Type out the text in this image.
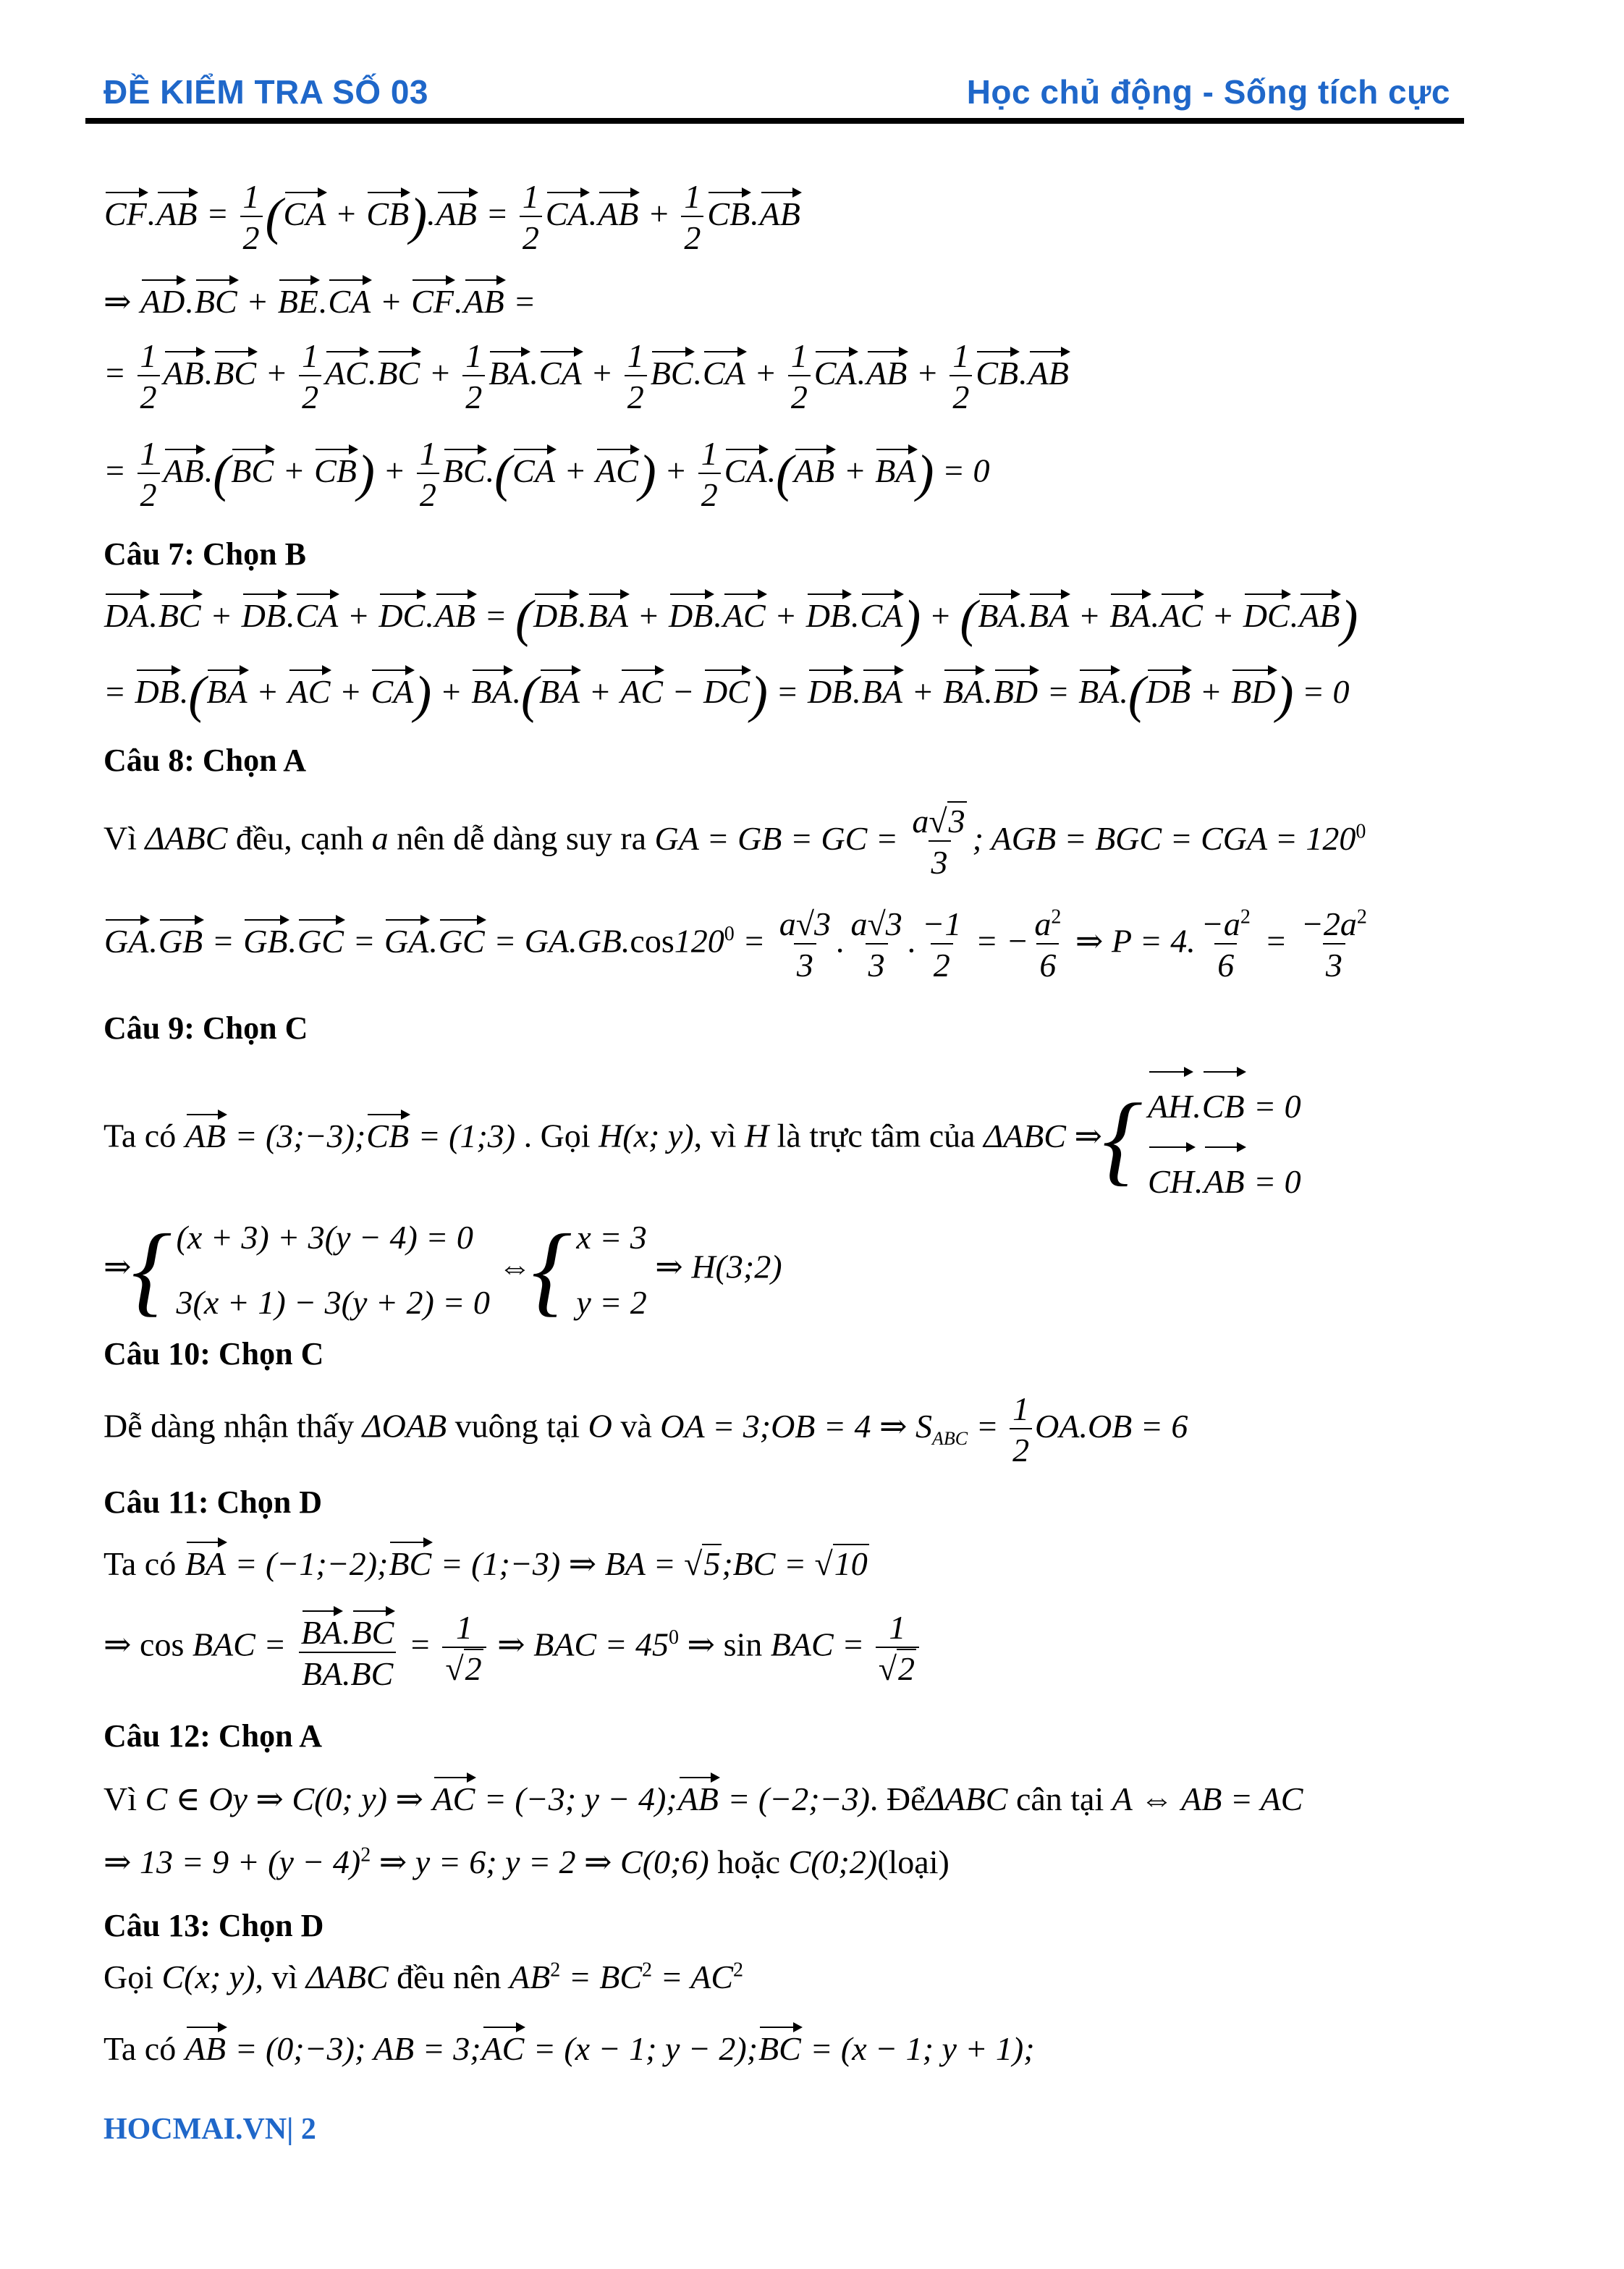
ĐỀ KIỂM TRA SỐ 03	Học chủ động - Sống tích cực
$CF.AB = \frac{1}{2} (CA + CB).AB = \frac{1}{2} CA.AB + \frac{1}{2} CB.AB$
⇒ AD.BC + BE.CA + CF.AB =
= $\frac{1}{2} AB.BC + \frac{1}{2} AC.BC + \frac{1}{2} BA.CA + \frac{1}{2} BC.CA + \frac{1}{2} CA.AB + \frac{1}{2} CB.AB$
= $\frac{1}{2} AB.(BC + CB) + \frac{1}{2} BC.(CA + AC) + \frac{1}{2} CA.(AB + BA) = 0$
Câu 7: Chọn B
DA.BC + DB.CA + DC.AB = (DB.BA + DB.AC + DB.CA) + (BA.BA + BA.AC + DC.AB)
= DB.(BA + AC + CA) + BA.(BA + AC − DC) = DB.BA + BA.BD = BA.(DB + BD) = 0
Câu 8: Chọn A
Vì ΔABC đều, cạnh a nên dễ dàng suy ra GA = GB = GC = $\frac{a√3}{3}$ ; AGB = BGC = CGA = $120^0$
$GA.GB = GB.GC = GA.GC = GA.GB.\cos 120^0 = \frac{a√3}{3}$ . $\frac{a√3}{3}$ . $\frac{-1}{2}$ = − $\frac{a^2}{6}$ ⇒ P = 4. $\frac{-a^2}{6} = \frac{-2a^2}{3}$
Câu 9: Chọn C
Ta có AB = (3;−3);CB = (1;3) . Gọi H(x; y), vì H là trực tâm của ΔABC ⇒{ AH.CB = 0
CH.AB = 0
⇒{ (x + 3) + 3(y − 4) = 0
3(x + 1) − 3(y + 2) = 0
⇔{ x = 3
y = 2
⇒ H(3;2)
Câu 10: Chọn C
Dễ dàng nhận thấy ΔOAB vuông tại O và OA = 3;OB = 4 ⇒ $S_{ABC} = \frac{1}{2} OA.OB = 6$
Câu 11: Chọn D
Ta có BA = (−1;−2);BC = (1;−3) ⇒ BA = √5;BC = √10
⇒ cos BAC = $\frac{BA.BC}{BA.BC} = \frac{1}{√2}$ ⇒ BAC = $45^0$ ⇒ sin BAC = $\frac{1}{√2}$
Câu 12: Chọn A
Vì C ∈ Oy ⇒ C(0; y) ⇒ AC = (−3; y − 4);AB = (−2;−3). ĐểΔABC cân tại A ⇔ AB = AC
⇒ $13 = 9 + (y - 4)^2$ ⇒ y = 6; y = 2 ⇒ C(0;6) hoặc C(0;2)(loại)
Câu 13: Chọn D
Gọi C(x; y), vì ΔABC đều nên $AB^2 = BC^2 = AC^2$
Ta có AB = (0;−3); AB = 3;AC = (x − 1; y − 2);BC = (x − 1; y + 1);
HOCMAI.VN| 2
